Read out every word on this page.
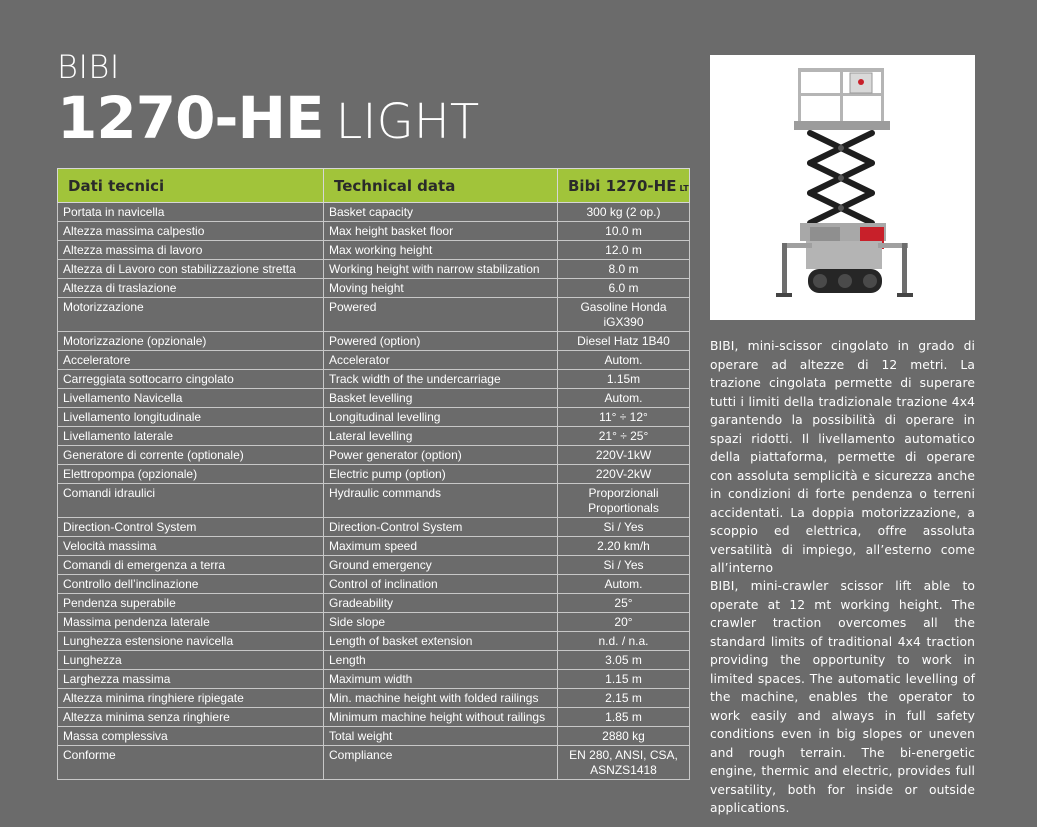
BIBI
1270-HE LIGHT
Dati tecnici	Technical data	Bibi 1270-HE LT
Portata in navicella	Basket capacity	300 kg (2 op.)
Altezza massima calpestio	Max height basket floor	10.0 m
Altezza massima di lavoro	Max working height	12.0 m
Altezza di Lavoro con stabilizzazione stretta	Working height with narrow stabilization	8.0 m
Altezza di traslazione	Moving height	6.0 m
Motorizzazione	Powered	Gasoline Honda iGX390
Motorizzazione (opzionale)	Powered (option)	Diesel Hatz 1B40
Acceleratore	Accelerator	Autom.
Carreggiata sottocarro cingolato	Track width of the undercarriage	1.15m
Livellamento Navicella	Basket levelling	Autom.
Livellamento longitudinale	Longitudinal levelling	11° ÷ 12°
Livellamento laterale	Lateral levelling	21° ÷ 25°
Generatore di corrente (optionale)	Power generator (option)	220V-1kW
Elettropompa (opzionale)	Electric pump (option)	220V-2kW
Comandi idraulici	Hydraulic commands	Proporzionali Proportionals
Direction-Control System	Direction-Control System	Si / Yes
Velocità massima	Maximum speed	2.20 km/h
Comandi di emergenza a terra	Ground emergency	Si / Yes
Controllo dell’inclinazione	Control of inclination	Autom.
Pendenza superabile	Gradeability	25°
Massima pendenza laterale	Side slope	20°
Lunghezza estensione navicella	Length of basket extension	n.d. / n.a.
Lunghezza	Length	3.05 m
Larghezza massima	Maximum width	1.15 m
Altezza minima ringhiere ripiegate	Min. machine height with folded railings	2.15 m
Altezza minima senza ringhiere	Minimum machine height without railings	1.85 m
Massa complessiva	Total weight	2880 kg
Conforme	Compliance	EN 280, ANSI, CSA, ASNZS1418

BIBI, mini-scissor cingolato in grado di operare ad altezze di 12 metri. La trazione cingolata permette di superare tutti i limiti della tradizionale trazione 4x4 garantendo la possibilità di operare in spazi ridotti. Il livellamento automatico della piattaforma, permette di operare con assoluta semplicità e sicurezza anche in condizioni di forte pendenza o terreni accidentati. La doppia motorizzazione, a scoppio ed elettrica, offre assoluta versatilità di impiego, all’esterno come all’interno

BIBI, mini-crawler scissor lift able to operate at 12 mt working height. The crawler traction overcomes all the standard limits of traditional 4x4 traction providing the opportunity to work in limited spaces. The automatic levelling of the machine, enables the operator to work easily and always in full safety conditions even in big slopes or uneven and rough terrain. The bi-energetic engine, thermic and electric, provides full versatility, both for inside or outside applications.
